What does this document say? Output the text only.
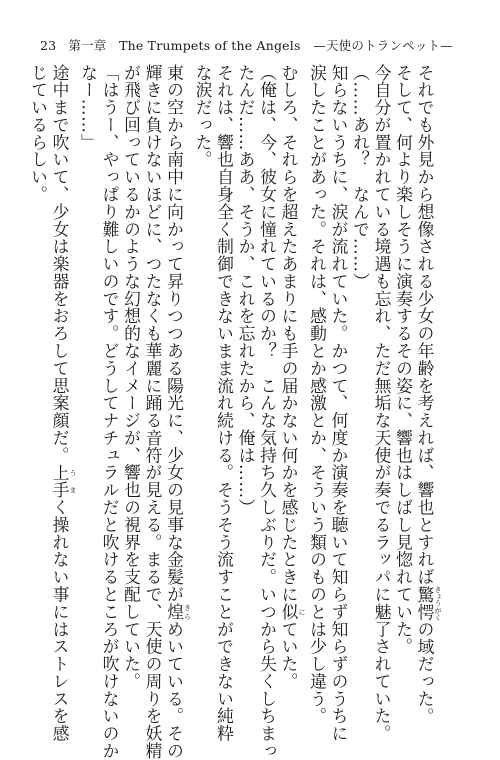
23 第一章　The Trumpets of the Angels　—天使のトランペット—
それでも外見から想像される少女の年齢を考えれば、響也とすれば驚愕 きょうがくの域だった。
そして、何より楽しそうに演奏するその姿に、響也はしばし見惚れていた。
今自分が置かれている境遇も忘れ、ただ無垢な天使が奏でるラッパに魅了されていた。
（……あれ？　なんで……）
知らないうちに、涙が流れていた。かつて、何度か演奏を聴いて知らず知らずのうちに
涙したことがあった。それは、感動とか感激とか、そういう類のものとは少し違う。
むしろ、それらを超えたあまりにも手の届かない何かを感じたときに似 にていた。
（俺は、今、彼女に憧れているのか？　こんな気持ち久しぶりだ。いつから失くしちまっ
たんだ……ああ、そうか、これを忘れたから、俺は……）
それは、響也自身全く制御できないまま流れ続ける。そうそう流すことができない純粋
な涙だった。
東の空から南中に向かって昇りつつある陽光に、少女の見事な金髪が煌 きらめいている。その
輝きに負けないほどに、つたなくも華麗に踊る音符が見える。まるで、天使の周りを妖精
が飛び回っているかのような幻想的なイメージが、響也の視界を支配していた。
「はうー、やっぱり難しいのです。どうしてナチュラルだと吹けるところが吹けないのか
なー……」
途中まで吹いて、少女は楽器をおろして思案顔だ。上 う手 まく操れない事にはストレスを感
じているらしい。
